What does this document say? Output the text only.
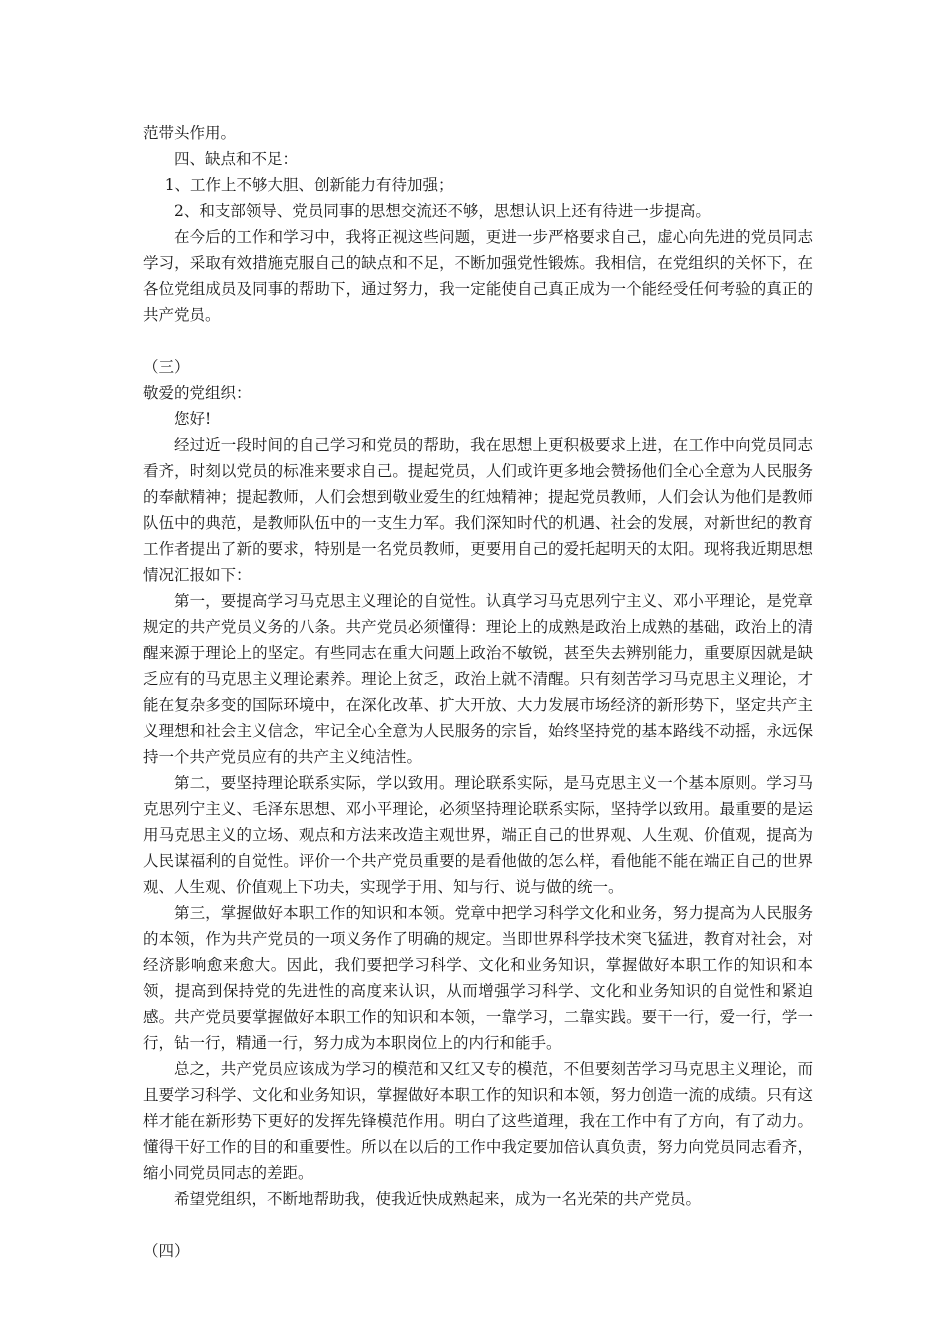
范带头作用。

四、缺点和不足：

1、工作上不够大胆、创新能力有待加强；

2、和支部领导、党员同事的思想交流还不够，思想认识上还有待进一步提高。

在今后的工作和学习中，我将正视这些问题，更进一步严格要求自己，虚心向先进的党员同志学习，采取有效措施克服自己的缺点和不足，不断加强党性锻炼。我相信，在党组织的关怀下，在各位党组成员及同事的帮助下，通过努力，我一定能使自己真正成为一个能经受任何考验的真正的共产党员。

（三）

敬爱的党组织：

您好!

经过近一段时间的自己学习和党员的帮助，我在思想上更积极要求上进，在工作中向党员同志看齐，时刻以党员的标准来要求自己。提起党员，人们或许更多地会赞扬他们全心全意为人民服务的奉献精神；提起教师，人们会想到敬业爱生的红烛精神；提起党员教师，人们会认为他们是教师队伍中的典范，是教师队伍中的一支生力军。我们深知时代的机遇、社会的发展，对新世纪的教育工作者提出了新的要求，特别是一名党员教师，更要用自己的爱托起明天的太阳。现将我近期思想情况汇报如下：

第一，要提高学习马克思主义理论的自觉性。认真学习马克思列宁主义、邓小平理论，是党章规定的共产党员义务的八条。共产党员必须懂得：理论上的成熟是政治上成熟的基础，政治上的清醒来源于理论上的坚定。有些同志在重大问题上政治不敏锐，甚至失去辨别能力，重要原因就是缺乏应有的马克思主义理论素养。理论上贫乏，政治上就不清醒。只有刻苦学习马克思主义理论，才能在复杂多变的国际环境中，在深化改革、扩大开放、大力发展市场经济的新形势下，坚定共产主义理想和社会主义信念，牢记全心全意为人民服务的宗旨，始终坚持党的基本路线不动摇，永远保持一个共产党员应有的共产主义纯洁性。

第二，要坚持理论联系实际，学以致用。理论联系实际，是马克思主义一个基本原则。学习马克思列宁主义、毛泽东思想、邓小平理论，必须坚持理论联系实际，坚持学以致用。最重要的是运用马克思主义的立场、观点和方法来改造主观世界，端正自己的世界观、人生观、价值观，提高为人民谋福利的自觉性。评价一个共产党员重要的是看他做的怎么样，看他能不能在端正自己的世界观、人生观、价值观上下功夫，实现学于用、知与行、说与做的统一。

第三，掌握做好本职工作的知识和本领。党章中把学习科学文化和业务，努力提高为人民服务的本领，作为共产党员的一项义务作了明确的规定。当即世界科学技术突飞猛进，教育对社会，对经济影响愈来愈大。因此，我们要把学习科学、文化和业务知识，掌握做好本职工作的知识和本领，提高到保持党的先进性的高度来认识，从而增强学习科学、文化和业务知识的自觉性和紧迫感。共产党员要掌握做好本职工作的知识和本领，一靠学习，二靠实践。要干一行，爱一行，学一行，钻一行，精通一行，努力成为本职岗位上的内行和能手。

总之，共产党员应该成为学习的模范和又红又专的模范，不但要刻苦学习马克思主义理论，而且要学习科学、文化和业务知识，掌握做好本职工作的知识和本领，努力创造一流的成绩。只有这样才能在新形势下更好的发挥先锋模范作用。明白了这些道理，我在工作中有了方向，有了动力。懂得干好工作的目的和重要性。所以在以后的工作中我定要加倍认真负责，努力向党员同志看齐，缩小同党员同志的差距。

希望党组织，不断地帮助我，使我近快成熟起来，成为一名光荣的共产党员。

（四）
